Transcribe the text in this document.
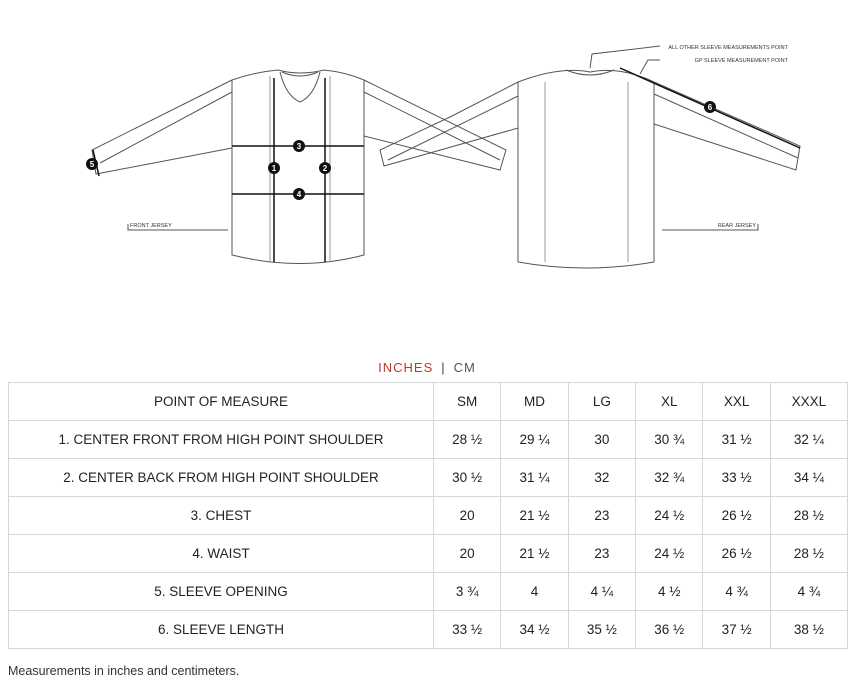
1	2
3
4
5
6
FRONT JERSEY	REAR JERSEY
ALL OTHER SLEEVE MEASUREMENTS POINT
GP SLEEVE MEASUREMENT POINT
INCHES | CM
POINT OF MEASURE	SM	MD	LG	XL	XXL	XXXL
1. CENTER FRONT FROM HIGH POINT SHOULDER	28 ½	29 ¼	30	30 ¾	31 ½	32 ¼
2. CENTER BACK FROM HIGH POINT SHOULDER	30 ½	31 ¼	32	32 ¾	33 ½	34 ¼
3. CHEST	20	21 ½	23	24 ½	26 ½	28 ½
4. WAIST	20	21 ½	23	24 ½	26 ½	28 ½
5. SLEEVE OPENING	3 ¾	4	4 ¼	4 ½	4 ¾	4 ¾
6. SLEEVE LENGTH	33 ½	34 ½	35 ½	36 ½	37 ½	38 ½
Measurements in inches and centimeters.
